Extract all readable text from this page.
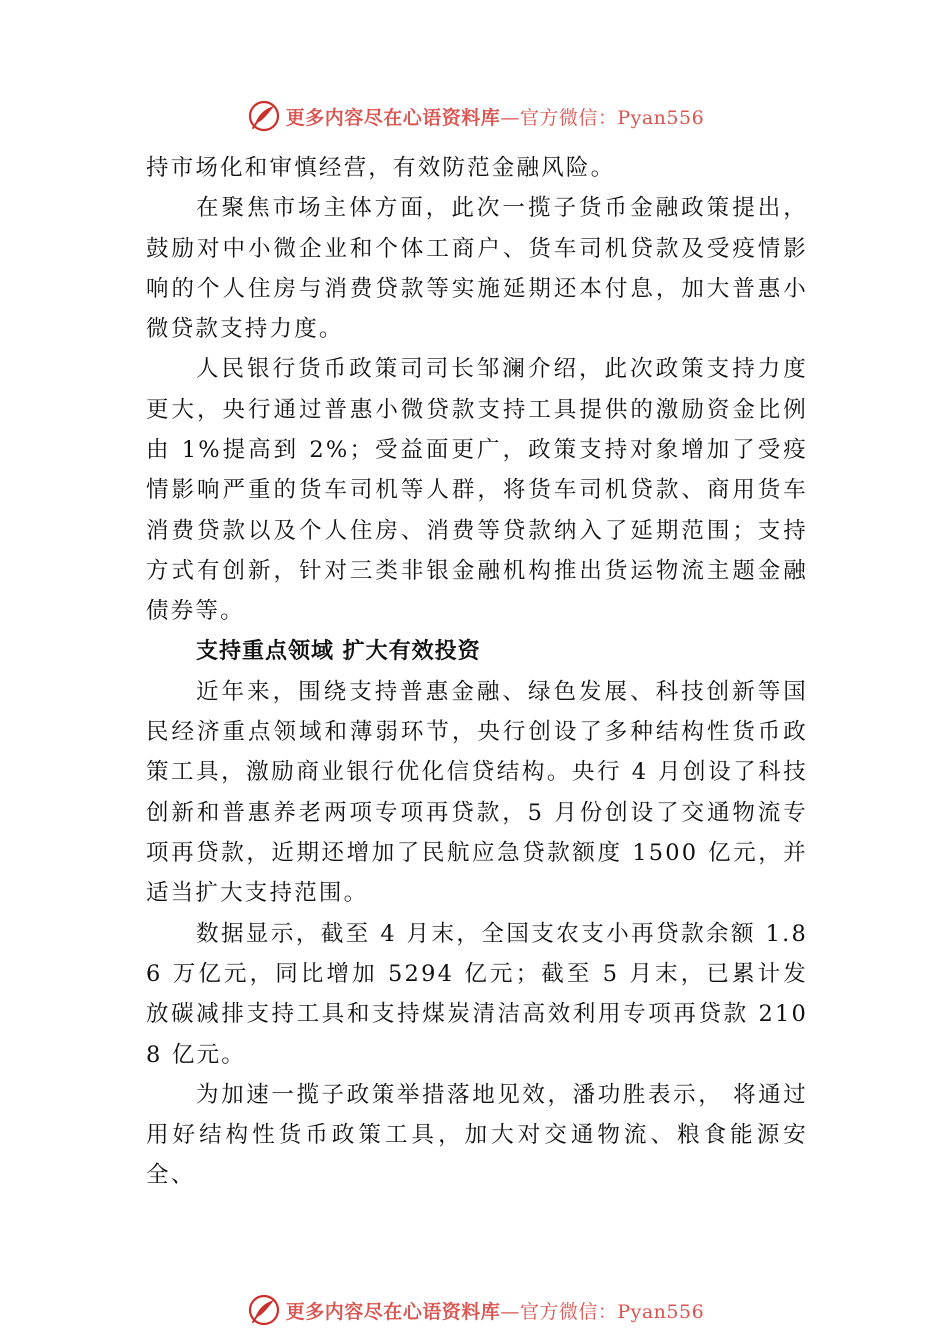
更多内容尽在心语资料库—官方微信：Pyan556

持市场化和审慎经营，有效防范金融风险。

在聚焦市场主体方面，此次一揽子货币金融政策提出，鼓励对中小微企业和个体工商户、货车司机贷款及受疫情影响的个人住房与消费贷款等实施延期还本付息，加大普惠小微贷款支持力度。

人民银行货币政策司司长邹澜介绍，此次政策支持力度更大，央行通过普惠小微贷款支持工具提供的激励资金比例由 1%提高到 2%；受益面更广，政策支持对象增加了受疫情影响严重的货车司机等人群，将货车司机贷款、商用货车消费贷款以及个人住房、消费等贷款纳入了延期范围；支持方式有创新，针对三类非银金融机构推出货运物流主题金融债券等。

支持重点领域 扩大有效投资

近年来，围绕支持普惠金融、绿色发展、科技创新等国民经济重点领域和薄弱环节，央行创设了多种结构性货币政策工具，激励商业银行优化信贷结构。央行 4 月创设了科技创新和普惠养老两项专项再贷款，5 月份创设了交通物流专项再贷款，近期还增加了民航应急贷款额度 1500 亿元，并适当扩大支持范围。

数据显示，截至 4 月末，全国支农支小再贷款余额 1.86 万亿元，同比增加 5294 亿元；截至 5 月末，已累计发放碳减排支持工具和支持煤炭清洁高效利用专项再贷款 2108 亿元。

为加速一揽子政策举措落地见效，潘功胜表示， 将通过用好结构性货币政策工具，加大对交通物流、粮食能源安全、

更多内容尽在心语资料库—官方微信：Pyan556
